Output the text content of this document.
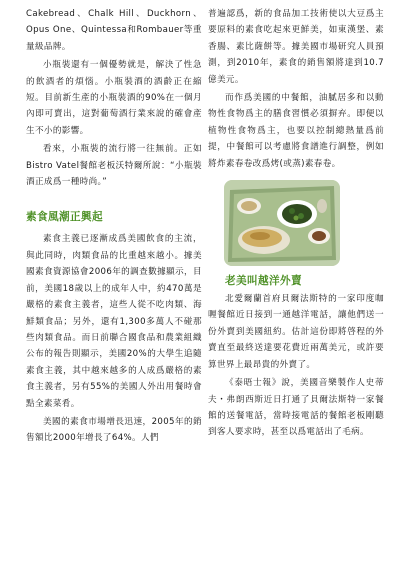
Cakebread、Chalk Hill、Duckhorn、Opus One、Quintessa和Rombauer等重量級品牌。

小瓶裝還有一個優勢就是，解決了性急的飲酒者的煩惱。小瓶裝酒的酒齡正在縮短。目前新生產的小瓶裝酒的90%在一個月內即可賣出，這對葡萄酒行業來說的確會產生不小的影響。

看來，小瓶裝的流行將一往無前。正如Bistro Vatel餐館老板沃特爾所說：“小瓶裝酒正成爲一種時尚。”

素食風潮正興起

素食主義已逐漸成爲美國飲食的主流，與此同時，肉類食品的比重越來越小。據美國素食資源協會2006年的調查數據顯示，目前，美國18歲以上的成年人中，約470萬是嚴格的素食主義者，這些人從不吃肉類、海鮮類食品；另外，還有1,300多萬人不碰那些肉類食品。而日前聯合國食品和農業組織公布的報告則顯示，美國20%的大學生追隨素食主義，其中越來越多的人成爲嚴格的素食主義者，另有55%的美國人外出用餐時會點全素菜肴。

美國的素食市場增長迅速，2005年的銷售額比2000年增長了64%。人們

普遍認爲，新的食品加工技術使以大豆爲主要原料的素食吃起來更鮮美，如東漢堡、素香腸、素比薩餅等。據美國市場研究人員預測，到2010年，素食的銷售額將達到10.7億美元。

而作爲美國的中餐館，油膩居多和以動物性食物爲主的膳食習慣必須摒弃。即便以植物性食物爲主，也要以控制總熱量爲前提，中餐館可以考慮將食譜進行調整，例如將炸素春卷改爲烤(或蒸)素春卷。

老美叫越洋外賣

北愛爾蘭首府貝爾法斯特的一家印度咖喱餐館近日接到一通越洋電話，讓他們送一份外賣到美國紐約。估計這份即將啓程的外賣直至最終送達要花費近兩萬美元，或許要算世界上最昂貴的外賣了。

《泰晤士報》說，美國音樂製作人史蒂夫・弗朗西斯近日打通了貝爾法斯特一家餐館的送餐電話，當時接電話的餐館老板剛聽到客人要求時，甚至以爲電話出了毛病。
